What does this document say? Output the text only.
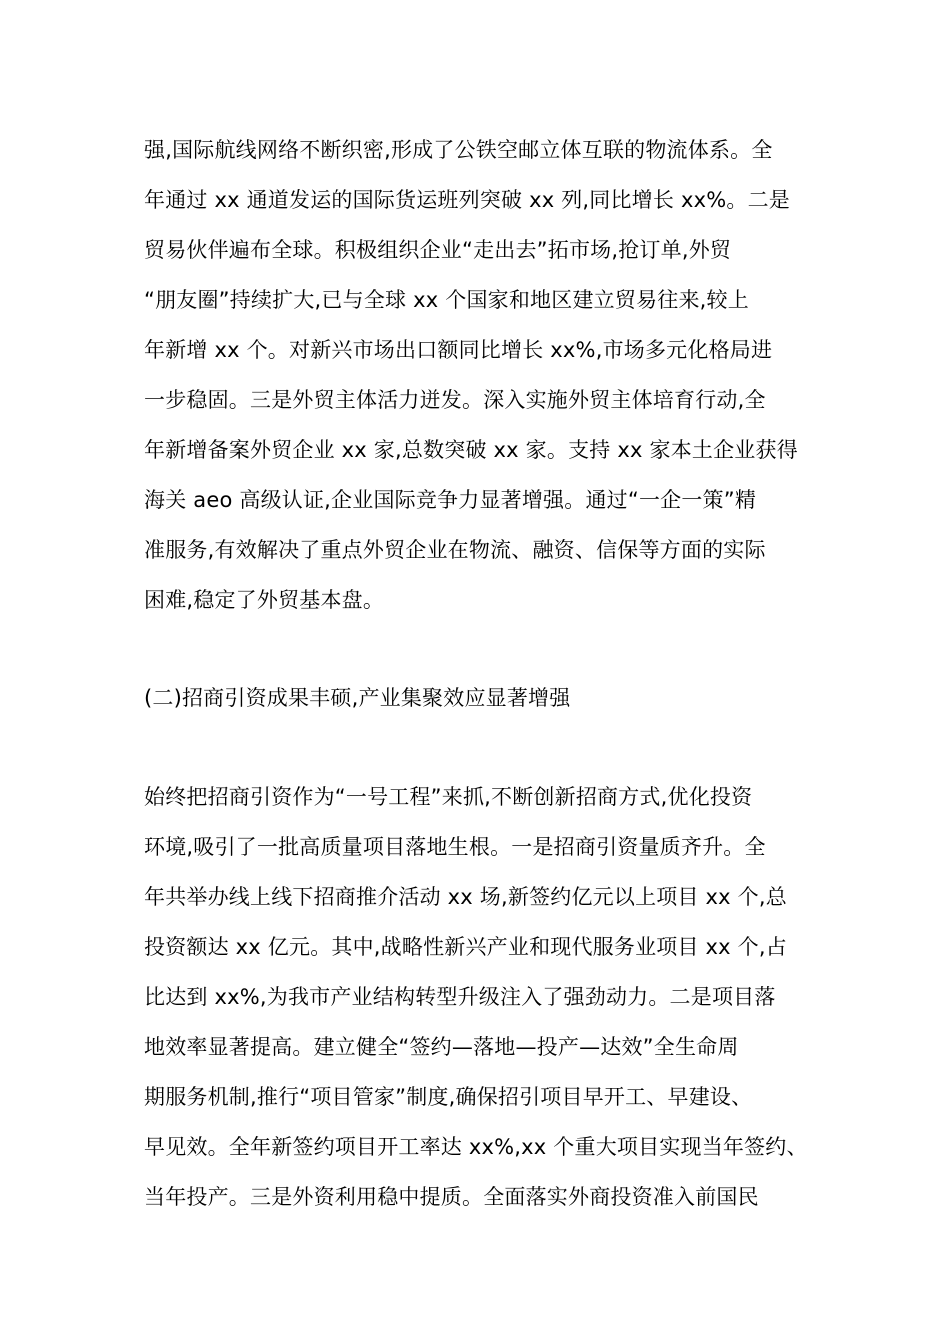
强,国际航线网络不断织密,形成了公铁空邮立体互联的物流体系。全
年通过 xx 通道发运的国际货运班列突破 xx 列,同比增长 xx%。二是
贸易伙伴遍布全球。积极组织企业“走出去”拓市场,抢订单,外贸
“朋友圈”持续扩大,已与全球 xx 个国家和地区建立贸易往来,较上
年新增 xx 个。对新兴市场出口额同比增长 xx%,市场多元化格局进
一步稳固。三是外贸主体活力迸发。深入实施外贸主体培育行动,全
年新增备案外贸企业 xx 家,总数突破 xx 家。支持 xx 家本土企业获得
海关 aeo 高级认证,企业国际竞争力显著增强。通过“一企一策”精
准服务,有效解决了重点外贸企业在物流、融资、信保等方面的实际
困难,稳定了外贸基本盘。
(二)招商引资成果丰硕,产业集聚效应显著增强
始终把招商引资作为“一号工程”来抓,不断创新招商方式,优化投资
环境,吸引了一批高质量项目落地生根。一是招商引资量质齐升。全
年共举办线上线下招商推介活动 xx 场,新签约亿元以上项目 xx 个,总
投资额达 xx 亿元。其中,战略性新兴产业和现代服务业项目 xx 个,占
比达到 xx%,为我市产业结构转型升级注入了强劲动力。二是项目落
地效率显著提高。建立健全“签约—落地—投产—达效”全生命周
期服务机制,推行“项目管家”制度,确保招引项目早开工、早建设、
早见效。全年新签约项目开工率达 xx%,xx 个重大项目实现当年签约、
当年投产。三是外资利用稳中提质。全面落实外商投资准入前国民
